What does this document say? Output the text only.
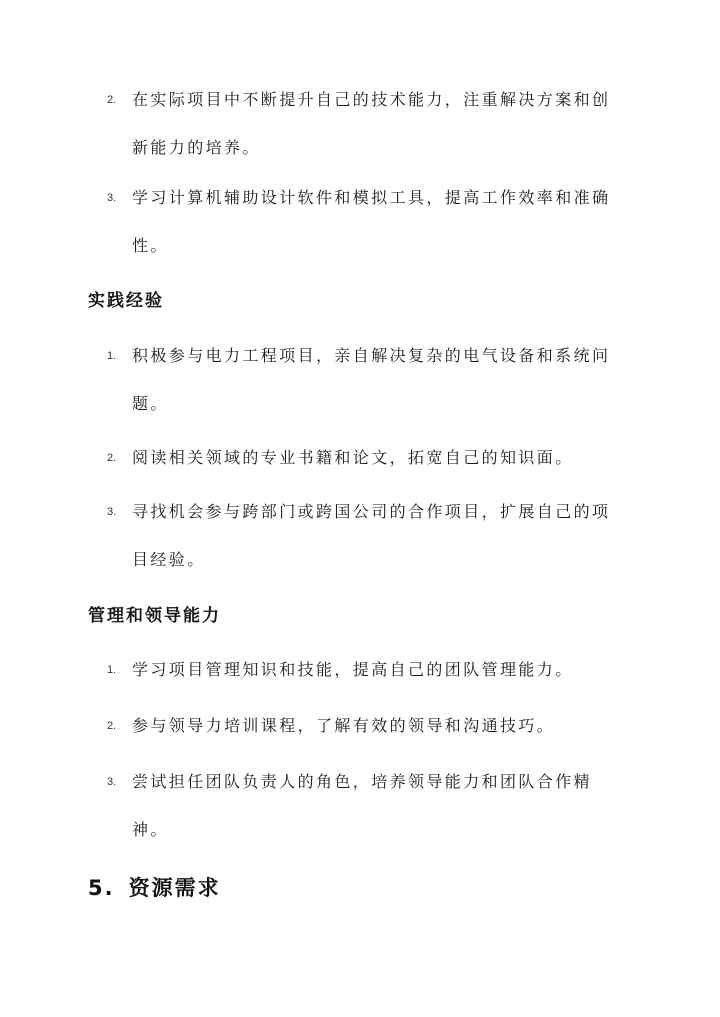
2. 在实际项目中不断提升自己的技术能力，注重解决方案和创新能力的培养。
3. 学习计算机辅助设计软件和模拟工具，提高工作效率和准确性。
实践经验
1. 积极参与电力工程项目，亲自解决复杂的电气设备和系统问题。
2. 阅读相关领域的专业书籍和论文，拓宽自己的知识面。
3. 寻找机会参与跨部门或跨国公司的合作项目，扩展自己的项目经验。
管理和领导能力
1. 学习项目管理知识和技能，提高自己的团队管理能力。
2. 参与领导力培训课程，了解有效的领导和沟通技巧。
3. 尝试担任团队负责人的角色，培养领导能力和团队合作精神。
5. 资源需求
